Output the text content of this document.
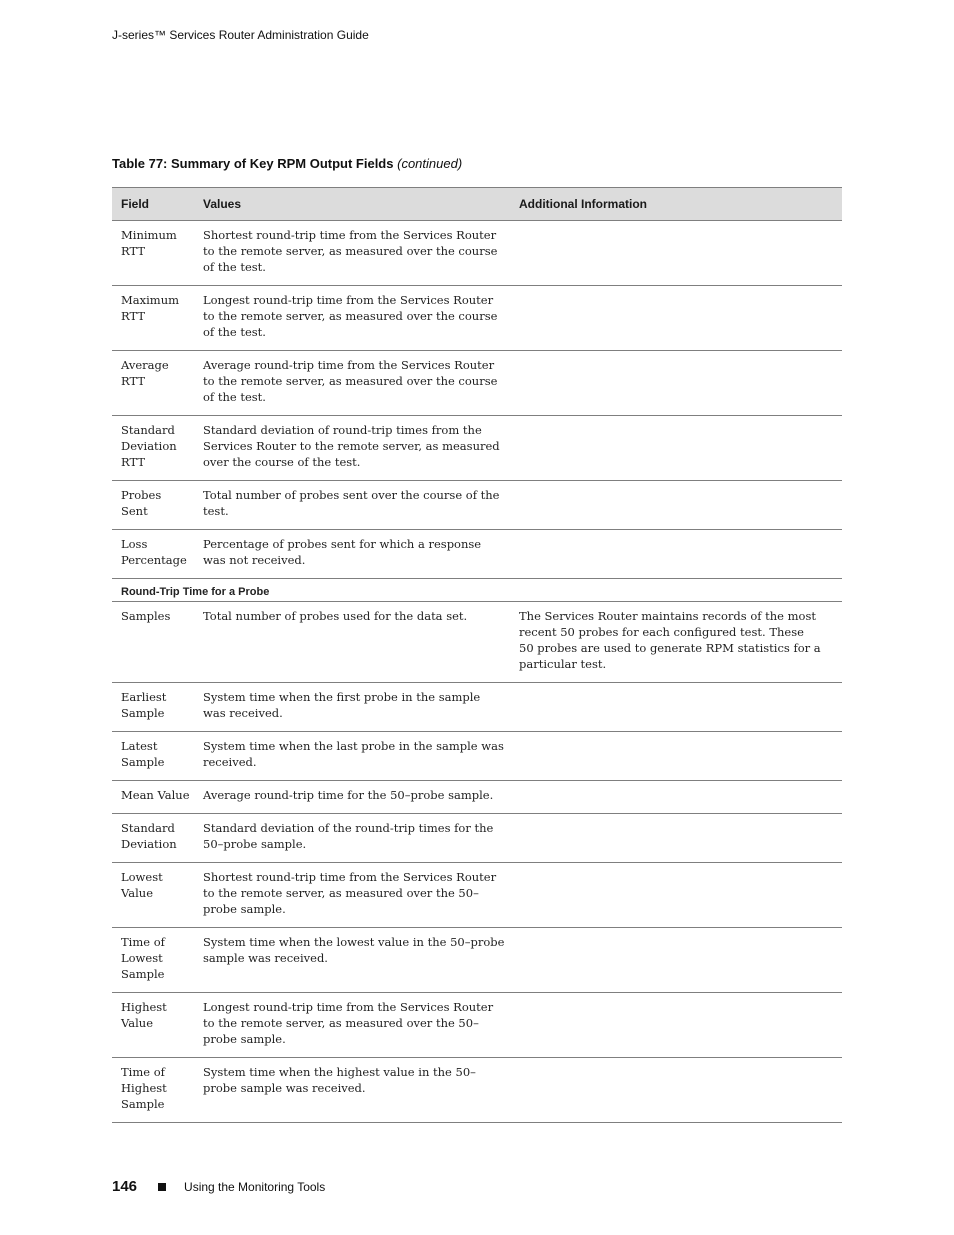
J-series™ Services Router Administration Guide
Table 77: Summary of Key RPM Output Fields (continued)
Field	Values	Additional Information
Minimum RTT	Shortest round-trip time from the Services Router to the remote server, as measured over the course of the test.	
Maximum RTT	Longest round-trip time from the Services Router to the remote server, as measured over the course of the test.	
Average RTT	Average round-trip time from the Services Router to the remote server, as measured over the course of the test.	
Standard Deviation RTT	Standard deviation of round-trip times from the Services Router to the remote server, as measured over the course of the test.	
Probes Sent	Total number of probes sent over the course of the test.	
Loss Percentage	Percentage of probes sent for which a response was not received.	
Round-Trip Time for a Probe		
Samples	Total number of probes used for the data set.	The Services Router maintains records of the most recent 50 probes for each configured test. These 50 probes are used to generate RPM statistics for a particular test.
Earliest Sample	System time when the first probe in the sample was received.	
Latest Sample	System time when the last probe in the sample was received.	
Mean Value	Average round-trip time for the 50–probe sample.	
Standard Deviation	Standard deviation of the round-trip times for the 50–probe sample.	
Lowest Value	Shortest round-trip time from the Services Router to the remote server, as measured over the 50–probe sample.	
Time of Lowest Sample	System time when the lowest value in the 50–probe sample was received.	
Highest Value	Longest round-trip time from the Services Router to the remote server, as measured over the 50–probe sample.	
Time of Highest Sample	System time when the highest value in the 50–probe sample was received.	
146	Using the Monitoring Tools
